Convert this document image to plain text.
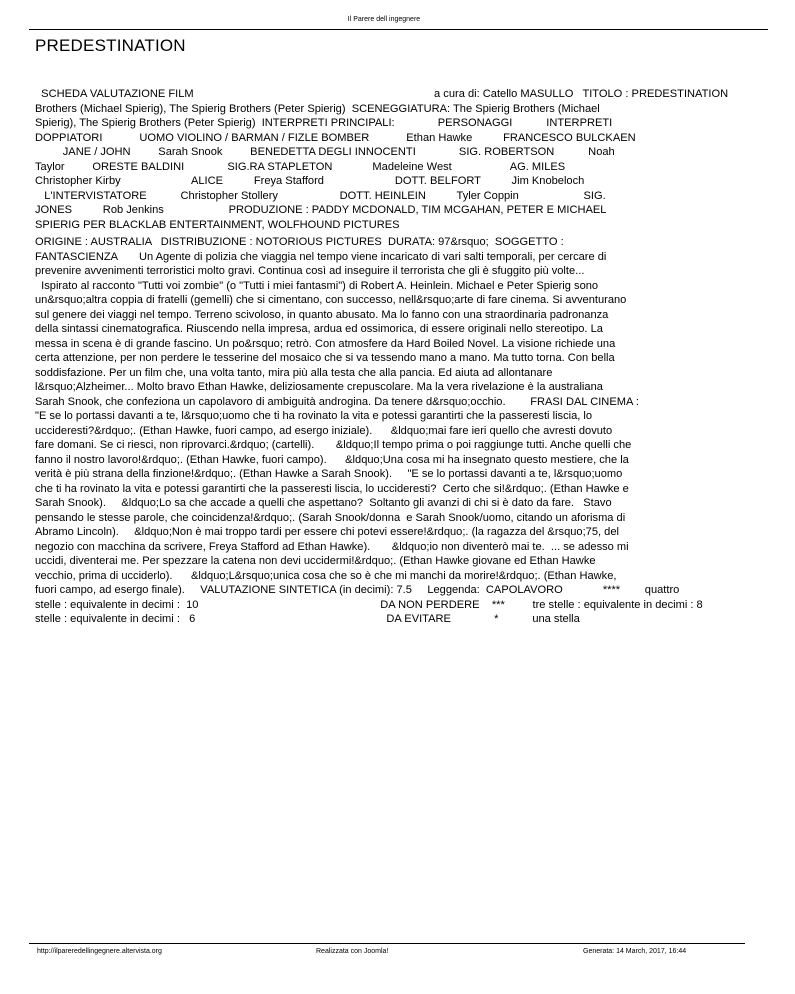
Il Parere dell ingegnere
PREDESTINATION
SCHEDA VALUTAZIONE FILM                                                                              a cura di: Catello MASULLO   TITOLO : PREDESTINATION
Brothers (Michael Spierig), The Spierig Brothers (Peter Spierig)  SCENEGGIATURA: The Spierig Brothers (Michael
Spierig), The Spierig Brothers (Peter Spierig)  INTERPRETI PRINCIPALI:              PERSONAGGI           INTERPRETI
DOPPIATORI            UOMO VIOLINO / BARMAN / FIZLE BOMBER            Ethan Hawke          FRANCESCO BULCKAEN
JANE / JOHN         Sarah Snook         BENEDETTA DEGLI INNOCENTI              SIG. ROBERTSON           Noah
Taylor         ORESTE BALDINI              SIG.RA STAPLETON             Madeleine West                   AG. MILES
Christopher Kirby                       ALICE          Freya Stafford                       DOTT. BELFORT          Jim Knobeloch
L'INTERVISTATORE           Christopher Stollery                    DOTT. HEINLEIN          Tyler Coppin                     SIG.
JONES          Rob Jenkins                     PRODUZIONE : PADDY MCDONALD, TIM MCGAHAN, PETER E MICHAEL
SPIERIG PER BLACKLAB ENTERTAINMENT, WOLFHOUND PICTURES
ORIGINE : AUSTRALIA   DISTRIBUZIONE : NOTORIOUS PICTURES  DURATA: 97&rsquo;  SOGGETTO :
FANTASCIENZA       Un Agente di polizia che viaggia nel tempo viene incaricato di vari salti temporali, per cercare di
prevenire avvenimenti terroristici molto gravi. Continua così ad inseguire il terrorista che gli è sfuggito più volte...
Ispirato al racconto "Tutti voi zombie" (o "Tutti i miei fantasmi") di Robert A. Heinlein. Michael e Peter Spierig sono
un&rsquo;altra coppia di fratelli (gemelli) che si cimentano, con successo, nell&rsquo;arte di fare cinema. Si avventurano
sul genere dei viaggi nel tempo. Terreno scivoloso, in quanto abusato. Ma lo fanno con una straordinaria padronanza
della sintassi cinematografica. Riuscendo nella impresa, ardua ed ossimorica, di essere originali nello stereotipo. La
messa in scena è di grande fascino. Un po&rsquo; retrò. Con atmosfere da Hard Boiled Novel. La visione richiede una
certa attenzione, per non perdere le tesserine del mosaico che si va tessendo mano a mano. Ma tutto torna. Con bella
soddisfazione. Per un film che, una volta tanto, mira più alla testa che alla pancia. Ed aiuta ad allontanare
l&rsquo;Alzheimer... Molto bravo Ethan Hawke, deliziosamente crepuscolare. Ma la vera rivelazione è la australiana
Sarah Snook, che confeziona un capolavoro di ambiguità androgina. Da tenere d&rsquo;occhio.        FRASI DAL CINEMA :
"E se lo portassi davanti a te, l&rsquo;uomo che ti ha rovinato la vita e potessi garantirti che la passeresti liscia, lo
uccideresti?&rdquo;. (Ethan Hawke, fuori campo, ad esergo iniziale).      &ldquo;mai fare ieri quello che avresti dovuto
fare domani. Se ci riesci, non riprovarci.&rdquo; (cartelli).       &ldquo;Il tempo prima o poi raggiunge tutti. Anche quelli che
fanno il nostro lavoro!&rdquo;. (Ethan Hawke, fuori campo).      &ldquo;Una cosa mi ha insegnato questo mestiere, che la
verità è più strana della finzione!&rdquo;. (Ethan Hawke a Sarah Snook).     "E se lo portassi davanti a te, l&rsquo;uomo
che ti ha rovinato la vita e potessi garantirti che la passeresti liscia, lo uccideresti?  Certo che si!&rdquo;. (Ethan Hawke e
Sarah Snook).     &ldquo;Lo sa che accade a quelli che aspettano?  Soltanto gli avanzi di chi si è dato da fare.   Stavo
pensando le stesse parole, che coincidenza!&rdquo;. (Sarah Snook/donna  e Sarah Snook/uomo, citando un aforisma di
Abramo Lincoln).     &ldquo;Non è mai troppo tardi per essere chi potevi essere!&rdquo;. (la ragazza del &rsquo;75, del
negozio con macchina da scrivere, Freya Stafford ad Ethan Hawke).       &ldquo;io non diventerò mai te.  ... se adesso mi
uccidi, diventerai me. Per spezzare la catena non devi uccidermi!&rdquo;. (Ethan Hawke giovane ed Ethan Hawke
vecchio, prima di ucciderlo).      &ldquo;L&rsquo;unica cosa che so è che mi manchi da morire!&rdquo;. (Ethan Hawke,
fuori campo, ad esergo finale).     VALUTAZIONE SINTETICA (in decimi): 7.5     Leggenda:  CAPOLAVORO             ****        quattro
stelle : equivalente in decimi :  10                                                           DA NON PERDERE    ***         tre stelle : equivalente in decimi : 8
stelle : equivalente in decimi :   6                                                              DA EVITARE              *           una stella
http://ilpareredellingegnere.altervista.org	Realizzata con Joomla!	Generata: 14 March, 2017, 16:44
